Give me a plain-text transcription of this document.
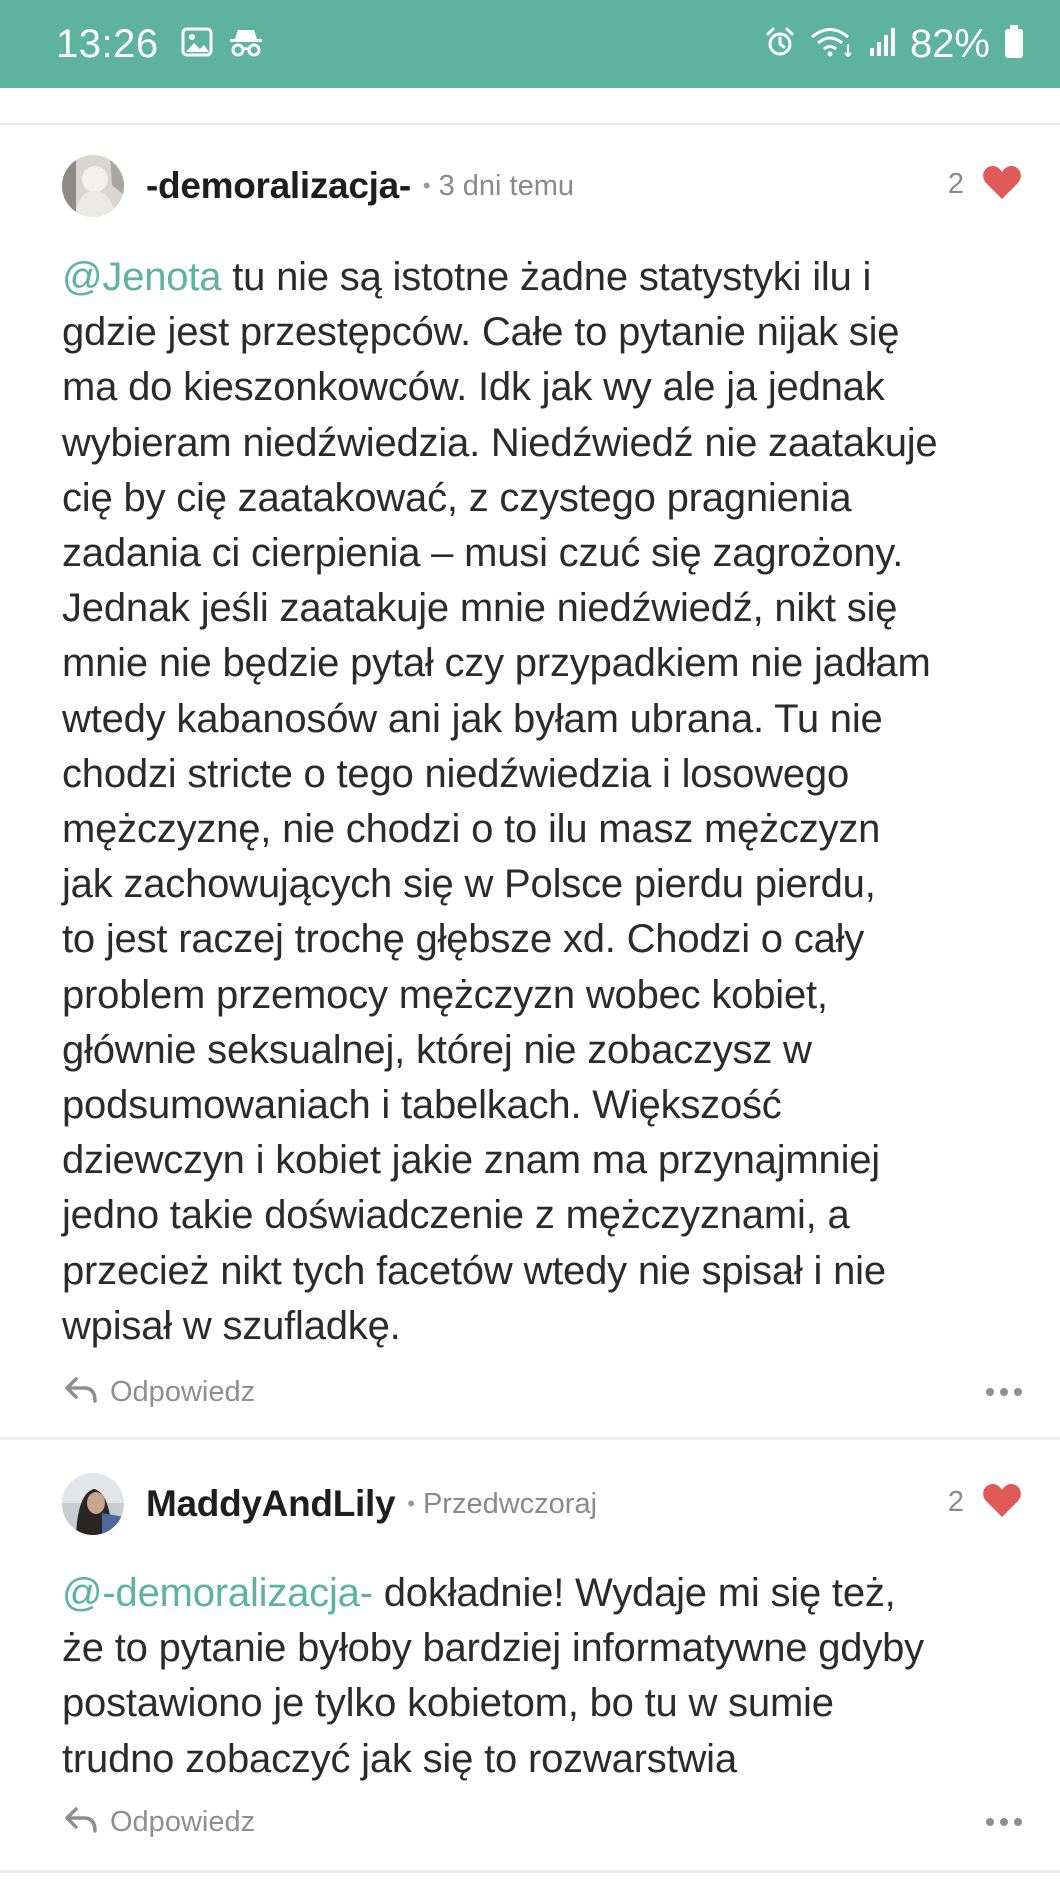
13:26	82%
-demoralizacja- • 3 dni temu	2
@Jenota tu nie są istotne żadne statystyki ilu i
gdzie jest przestępców. Całe to pytanie nijak się
ma do kieszonkowców. Idk jak wy ale ja jednak
wybieram niedźwiedzia. Niedźwiedź nie zaatakuje
cię by cię zaatakować, z czystego pragnienia
zadania ci cierpienia – musi czuć się zagrożony.
Jednak jeśli zaatakuje mnie niedźwiedź, nikt się
mnie nie będzie pytał czy przypadkiem nie jadłam
wtedy kabanosów ani jak byłam ubrana. Tu nie
chodzi stricte o tego niedźwiedzia i losowego
mężczyznę, nie chodzi o to ilu masz mężczyzn
jak zachowujących się w Polsce pierdu pierdu,
to jest raczej trochę głębsze xd. Chodzi o cały
problem przemocy mężczyzn wobec kobiet,
głównie seksualnej, której nie zobaczysz w
podsumowaniach i tabelkach. Większość
dziewczyn i kobiet jakie znam ma przynajmniej
jedno takie doświadczenie z mężczyznami, a
przecież nikt tych facetów wtedy nie spisał i nie
wpisał w szufladkę.
Odpowiedz
MaddyAndLily • Przedwczoraj	2
@-demoralizacja- dokładnie! Wydaje mi się też,
że to pytanie byłoby bardziej informatywne gdyby
postawiono je tylko kobietom, bo tu w sumie
trudno zobaczyć jak się to rozwarstwia
Odpowiedz
